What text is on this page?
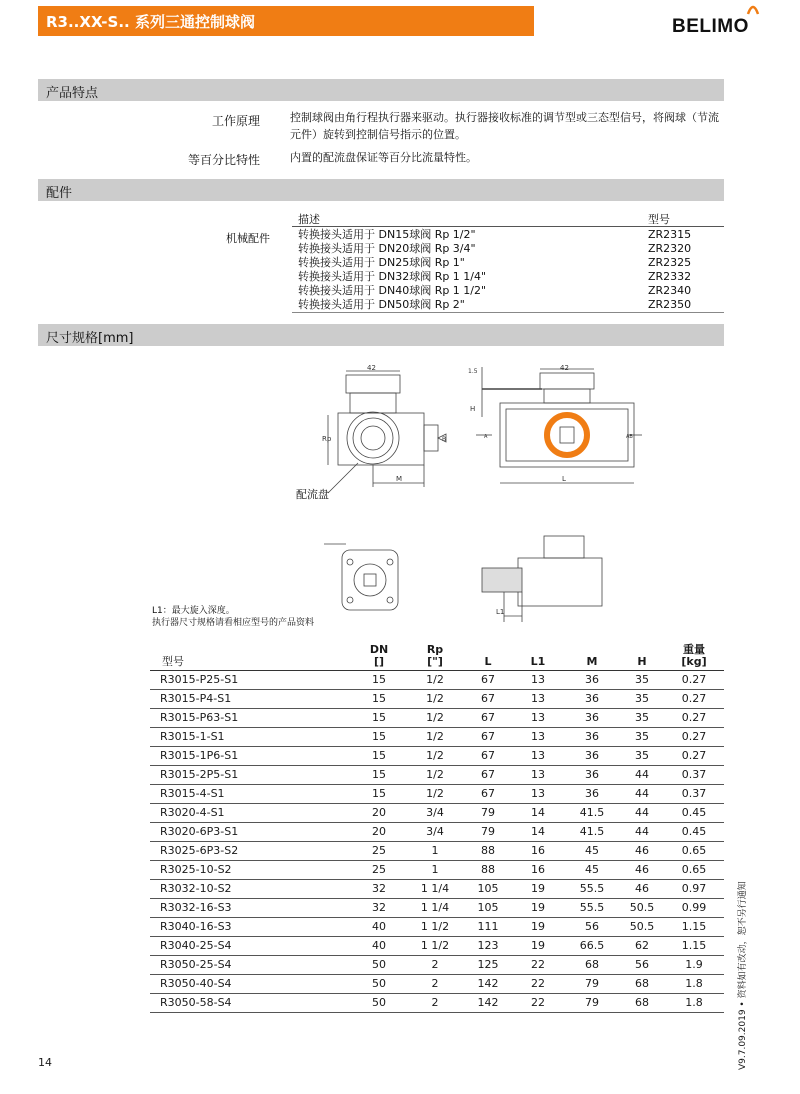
R3..XX-S.. 系列三通控制球阀	BELIMO
产品特点
工作原理	控制球阀由角行程执行器来驱动。执行器接收标准的调节型或三态型信号，将阀球（节流
元件）旋转到控制信号指示的位置。
等百分比特性	内置的配流盘保证等百分比流量特性。
配件
描述	型号
机械配件	转换接头适用于 DN15球阀 Rp 1/2"	ZR2315
转换接头适用于 DN20球阀 Rp 3/4"	ZR2320
转换接头适用于 DN25球阀 Rp 1"	ZR2325
转换接头适用于 DN32球阀 Rp 1 1/4"	ZR2332
转换接头适用于 DN40球阀 Rp 1 1/2"	ZR2340
转换接头适用于 DN50球阀 Rp 2"	ZR2350
尺寸规格[mm]
42
Rp
M
B
配流盘
42
1.5
H
L
A	AB
L1
L1：最大旋入深度。
执行器尺寸规格请看相应型号的产品资料
型号	DN
[]	Rp
["]	L	L1	M	H	重量
[kg]
R3015-P25-S1	15	1/2	67	13	36	35	0.27
R3015-P4-S1	15	1/2	67	13	36	35	0.27
R3015-P63-S1	15	1/2	67	13	36	35	0.27
R3015-1-S1	15	1/2	67	13	36	35	0.27
R3015-1P6-S1	15	1/2	67	13	36	35	0.27
R3015-2P5-S1	15	1/2	67	13	36	44	0.37
R3015-4-S1	15	1/2	67	13	36	44	0.37
R3020-4-S1	20	3/4	79	14	41.5	44	0.45
R3020-6P3-S1	20	3/4	79	14	41.5	44	0.45
R3025-6P3-S2	25	1	88	16	45	46	0.65
R3025-10-S2	25	1	88	16	45	46	0.65
R3032-10-S2	32	1 1/4	105	19	55.5	46	0.97
R3032-16-S3	32	1 1/4	105	19	55.5	50.5	0.99
R3040-16-S3	40	1 1/2	111	19	56	50.5	1.15
R3040-25-S4	40	1 1/2	123	19	66.5	62	1.15
R3050-25-S4	50	2	125	22	68	56	1.9
R3050-40-S4	50	2	142	22	79	68	1.8
R3050-58-S4	50	2	142	22	79	68	1.8
14	V9.7.09.2019 • 资料如有改动，恕不另行通知
